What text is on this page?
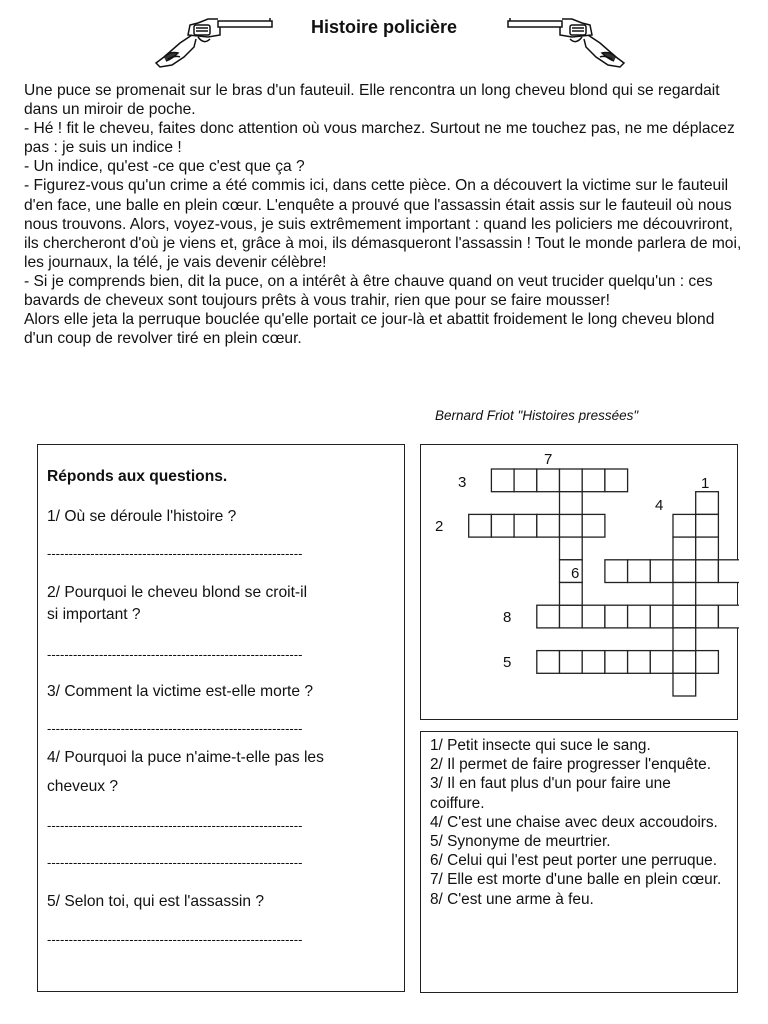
Histoire policière

Une puce se promenait sur le bras d'un fauteuil. Elle rencontra un long cheveu blond qui se regardait dans un miroir de poche.

- Hé ! fit le cheveu, faites donc attention où vous marchez. Surtout ne me touchez pas, ne me déplacez pas : je suis un indice !

- Un indice, qu'est -ce que c'est que ça ?

- Figurez-vous qu'un crime a été commis ici, dans cette pièce. On a découvert la victime sur le fauteuil d'en face, une balle en plein cœur. L'enquête a prouvé que l'assassin était assis sur le fauteuil où nous nous trouvons. Alors, voyez-vous, je suis extrêmement important : quand les policiers me découvriront, ils chercheront d'où je viens et, grâce à moi, ils démasqueront l'assassin ! Tout le monde parlera de moi, les journaux, la télé, je vais devenir célèbre!

- Si je comprends bien, dit la puce, on a intérêt à être chauve quand on veut trucider quelqu'un : ces bavards de cheveux sont toujours prêts à vous trahir, rien que pour se faire mousser!

Alors elle jeta la perruque bouclée qu'elle portait ce jour-là et abattit froidement le long cheveu blond d'un coup de revolver tiré en plein cœur.

Bernard Friot "Histoires pressées"
Réponds aux questions.
1/ Où se déroule l'histoire ?
-----------------------------------------------------------
2/ Pourquoi le cheveu blond se croit-il
si important ?
-----------------------------------------------------------
3/ Comment la victime est-elle morte ?
-----------------------------------------------------------
4/ Pourquoi la puce n'aime-t-elle pas les
cheveux ?
-----------------------------------------------------------
-----------------------------------------------------------
5/ Selon toi, qui est l'assassin ?
-----------------------------------------------------------
7
3	1
4
2
6
8
5
1/ Petit insecte qui suce le sang.
2/ Il permet de faire progresser l'enquête.
3/ Il en faut plus d'un pour faire une coiffure.
4/ C'est une chaise avec deux accoudoirs.
5/ Synonyme de meurtrier.
6/ Celui qui l'est peut porter une perruque.
7/ Elle est morte d'une balle en plein cœur.
8/ C'est une arme à feu.
